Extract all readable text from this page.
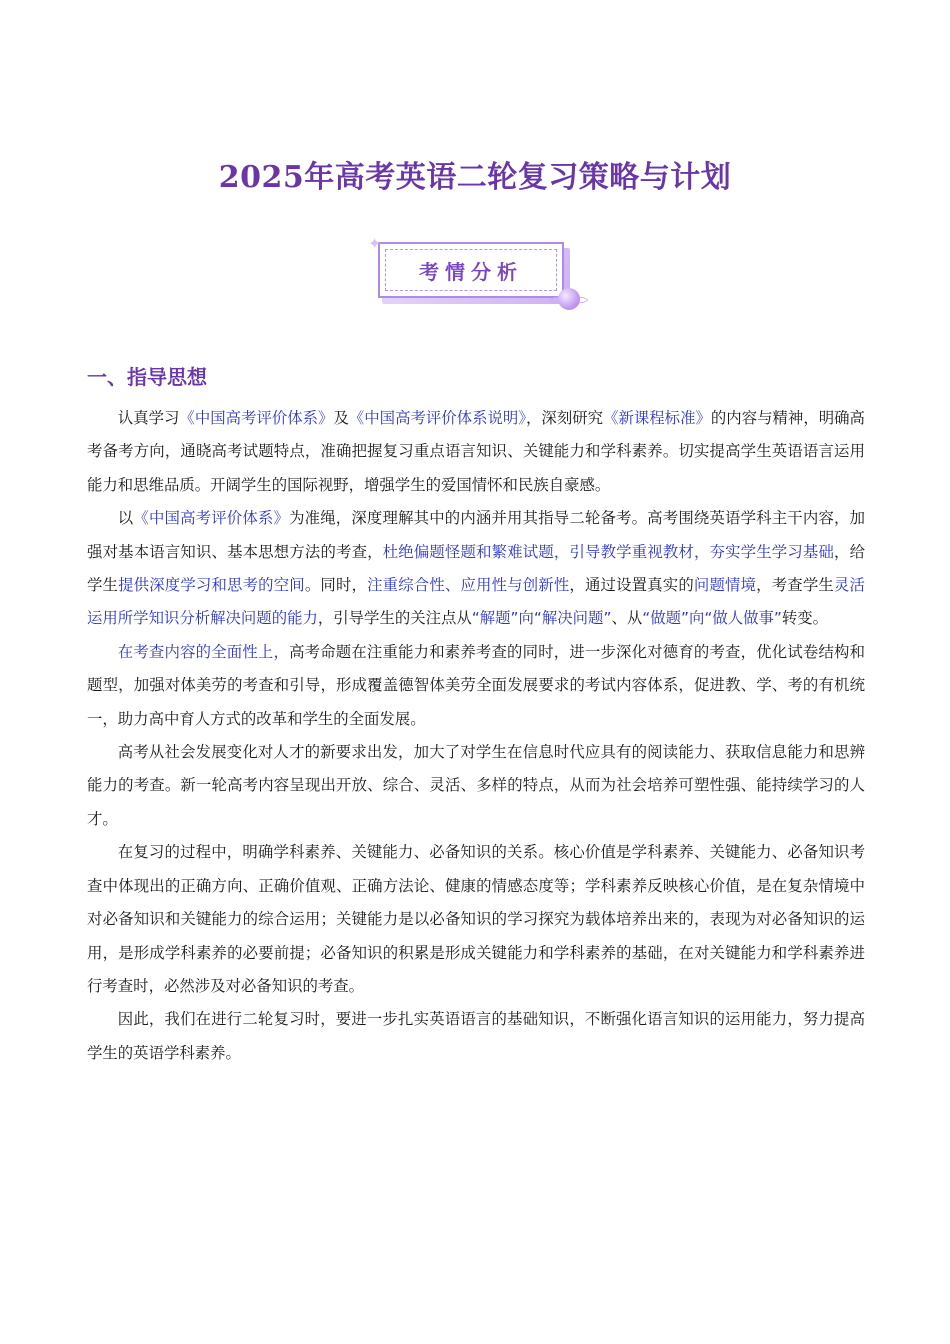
2025年高考英语二轮复习策略与计划
考情分析
✦
一、指导思想

认真学习《中国高考评价体系》及《中国高考评价体系说明》，深刻研究《新课程标准》的内容与精神，明确高考备考方向，通晓高考试题特点，准确把握复习重点语言知识、关键能力和学科素养。切实提高学生英语语言运用能力和思维品质。开阔学生的国际视野，增强学生的爱国情怀和民族自豪感。

以《中国高考评价体系》为准绳，深度理解其中的内涵并用其指导二轮备考。高考围绕英语学科主干内容，加强对基本语言知识、基本思想方法的考查，杜绝偏题怪题和繁难试题，引导教学重视教材，夯实学生学习基础，给学生提供深度学习和思考的空间。同时，注重综合性、应用性与创新性，通过设置真实的问题情境，考查学生灵活运用所学知识分析解决问题的能力，引导学生的关注点从“解题”向“解决问题”、从“做题”向“做人做事”转变。

在考查内容的全面性上，高考命题在注重能力和素养考查的同时，进一步深化对德育的考查，优化试卷结构和题型，加强对体美劳的考查和引导，形成覆盖德智体美劳全面发展要求的考试内容体系，促进教、学、考的有机统一，助力高中育人方式的改革和学生的全面发展。

高考从社会发展变化对人才的新要求出发，加大了对学生在信息时代应具有的阅读能力、获取信息能力和思辨能力的考查。新一轮高考内容呈现出开放、综合、灵活、多样的特点，从而为社会培养可塑性强、能持续学习的人才。

在复习的过程中，明确学科素养、关键能力、必备知识的关系。核心价值是学科素养、关键能力、必备知识考查中体现出的正确方向、正确价值观、正确方法论、健康的情感态度等；学科素养反映核心价值，是在复杂情境中对必备知识和关键能力的综合运用；关键能力是以必备知识的学习探究为载体培养出来的，表现为对必备知识的运用，是形成学科素养的必要前提；必备知识的积累是形成关键能力和学科素养的基础，在对关键能力和学科素养进行考查时，必然涉及对必备知识的考查。

因此，我们在进行二轮复习时，要进一步扎实英语语言的基础知识，不断强化语言知识的运用能力，努力提高学生的英语学科素养。
